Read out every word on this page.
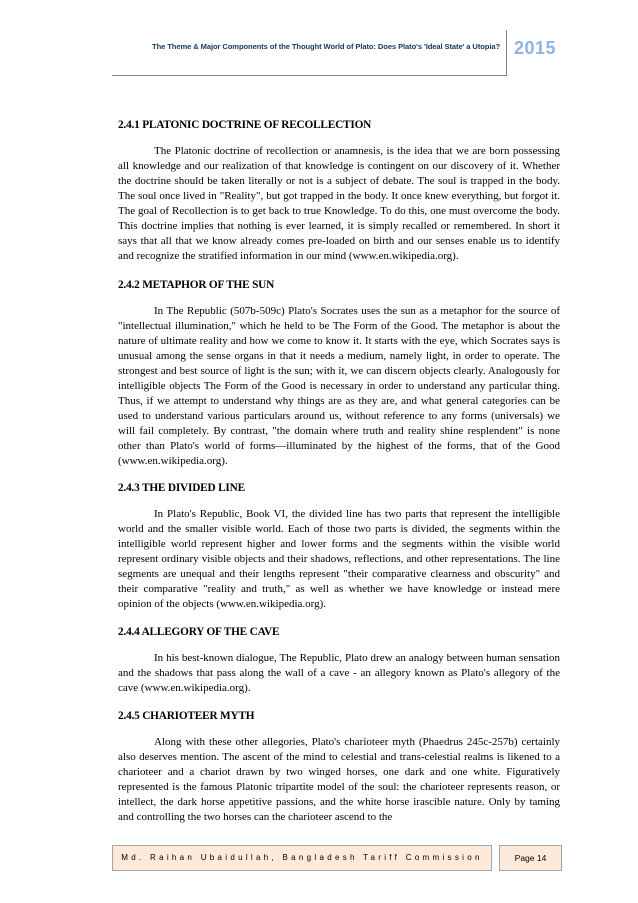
The Theme & Major Components of the Thought World of Plato: Does Plato's 'Ideal State' a Utopia? 2015
2.4.1 PLATONIC DOCTRINE OF RECOLLECTION

The Platonic doctrine of recollection or anamnesis, is the idea that we are born possessing all knowledge and our realization of that knowledge is contingent on our discovery of it. Whether the doctrine should be taken literally or not is a subject of debate. The soul is trapped in the body. The soul once lived in "Reality", but got trapped in the body. It once knew everything, but forgot it. The goal of Recollection is to get back to true Knowledge. To do this, one must overcome the body. This doctrine implies that nothing is ever learned, it is simply recalled or remembered. In short it says that all that we know already comes pre-loaded on birth and our senses enable us to identify and recognize the stratified information in our mind (www.en.wikipedia.org).

2.4.2 METAPHOR OF THE SUN

In The Republic (507b-509c) Plato's Socrates uses the sun as a metaphor for the source of "intellectual illumination," which he held to be The Form of the Good. The metaphor is about the nature of ultimate reality and how we come to know it. It starts with the eye, which Socrates says is unusual among the sense organs in that it needs a medium, namely light, in order to operate. The strongest and best source of light is the sun; with it, we can discern objects clearly. Analogously for intelligible objects The Form of the Good is necessary in order to understand any particular thing. Thus, if we attempt to understand why things are as they are, and what general categories can be used to understand various particulars around us, without reference to any forms (universals) we will fail completely. By contrast, "the domain where truth and reality shine resplendent" is none other than Plato's world of forms—illuminated by the highest of the forms, that of the Good (www.en.wikipedia.org).

2.4.3 THE DIVIDED LINE

In Plato's Republic, Book VI, the divided line has two parts that represent the intelligible world and the smaller visible world. Each of those two parts is divided, the segments within the intelligible world represent higher and lower forms and the segments within the visible world represent ordinary visible objects and their shadows, reflections, and other representations. The line segments are unequal and their lengths represent "their comparative clearness and obscurity" and their comparative "reality and truth," as well as whether we have knowledge or instead mere opinion of the objects (www.en.wikipedia.org).

2.4.4 ALLEGORY OF THE CAVE

In his best-known dialogue, The Republic, Plato drew an analogy between human sensation and the shadows that pass along the wall of a cave - an allegory known as Plato's allegory of the cave (www.en.wikipedia.org).

2.4.5 CHARIOTEER MYTH

Along with these other allegories, Plato's charioteer myth (Phaedrus 245c-257b) certainly also deserves mention. The ascent of the mind to celestial and trans-celestial realms is likened to a charioteer and a chariot drawn by two winged horses, one dark and one white. Figuratively represented is the famous Platonic tripartite model of the soul: the charioteer represents reason, or intellect, the dark horse appetitive passions, and the white horse irascible nature. Only by taming and controlling the two horses can the charioteer ascend to the

Md. Raihan Ubaidullah, Bangladesh Tariff Commission	Page 14
